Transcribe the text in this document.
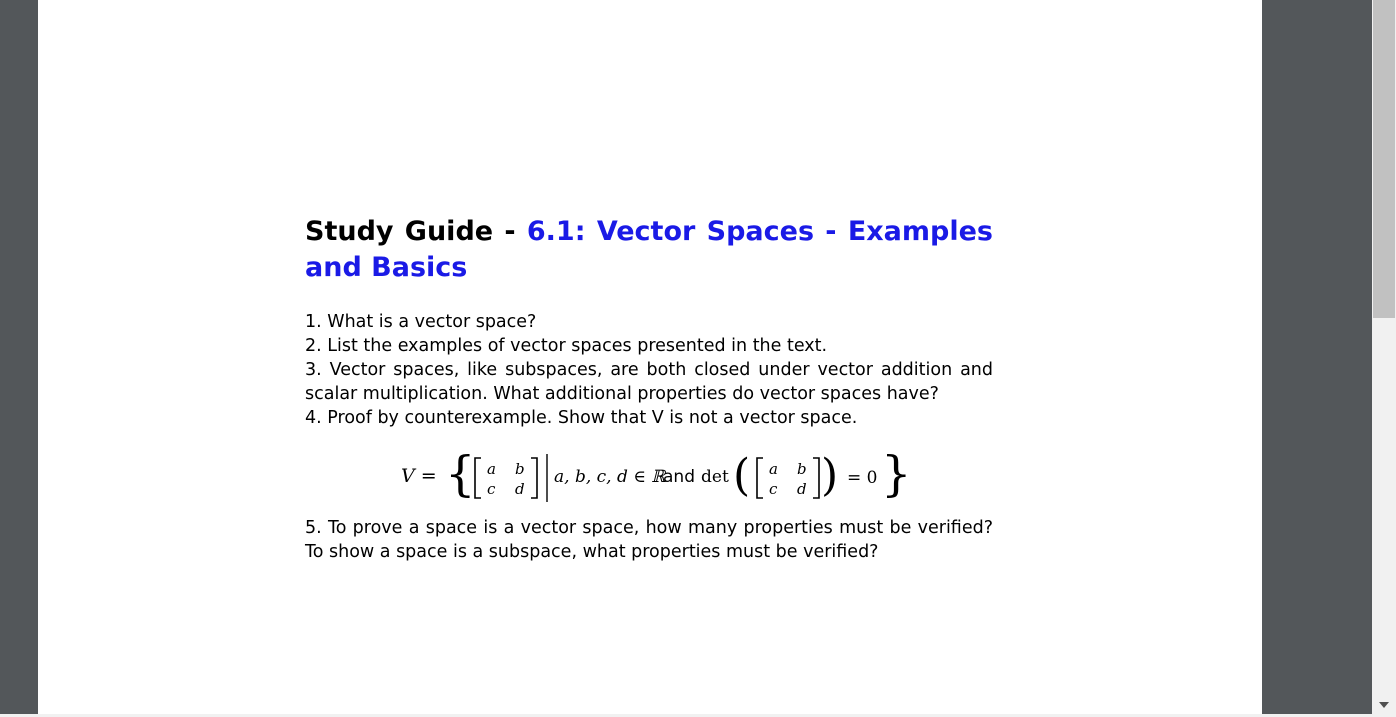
Study Guide - 6.1: Vector Spaces - Examples and Basics

1. What is a vector space?

2. List the examples of vector spaces presented in the text.

3. Vector spaces, like subspaces, are both closed under vector addition and scalar multiplication. What additional properties do vector spaces have?

4. Proof by counterexample. Show that V is not a vector space.

V = { a b
c d
a, b, c, d ∈ ℝ
and det ( a b
c d ) = 0 }

5. To prove a space is a vector space, how many properties must be verified? To show a space is a subspace, what properties must be verified?
